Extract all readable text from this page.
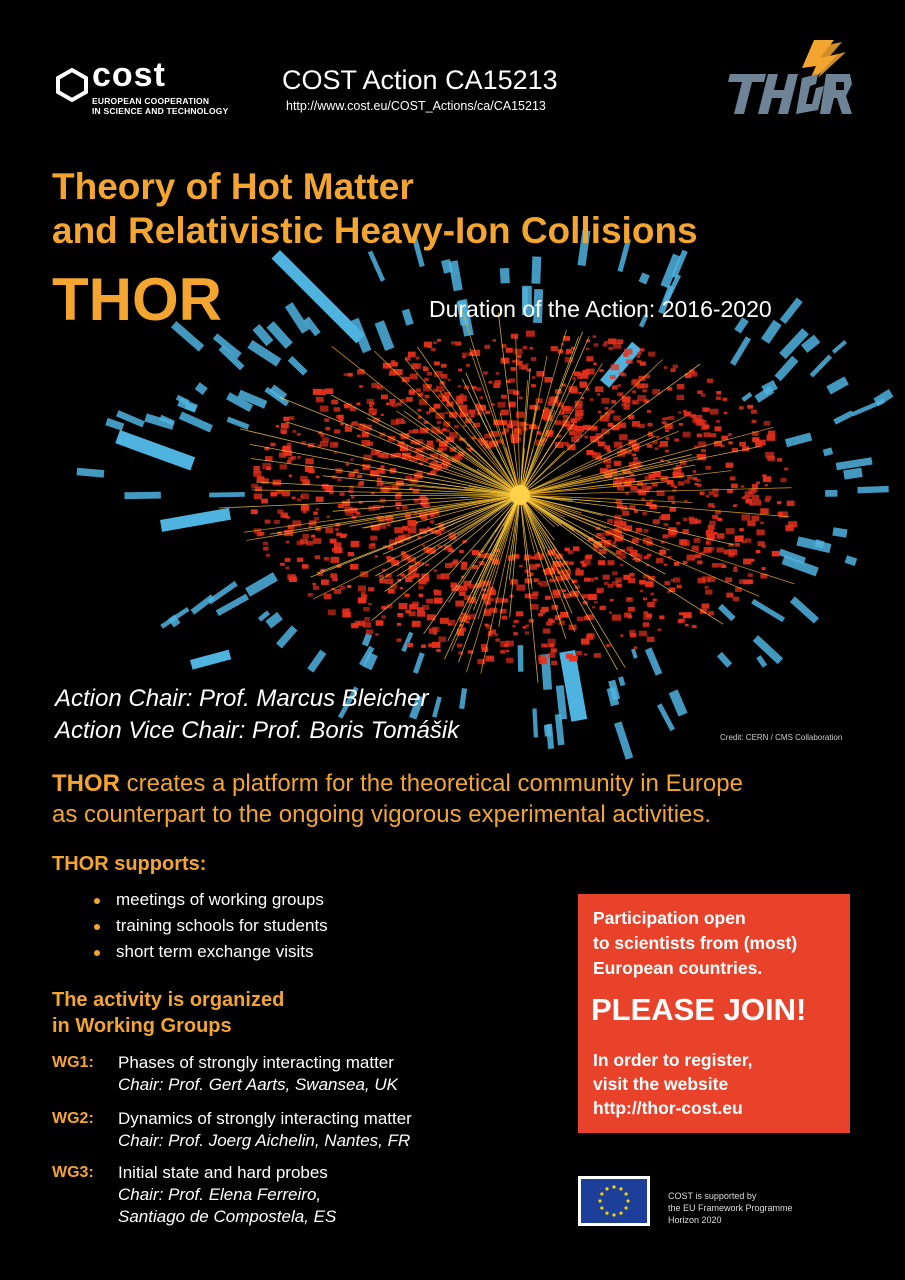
cost
EUROPEAN COOPERATION
IN SCIENCE AND TECHNOLOGY
COST Action CA15213
http://www.cost.eu/COST_Actions/ca/CA15213
Theory of Hot Matter
and Relativistic Heavy-Ion Collisions
THOR	Duration of the Action: 2016-2020
Action Chair: Prof. Marcus Bleicher
Action Vice Chair: Prof. Boris Tomášik	Credit: CERN / CMS Collaboration
THOR creates a platform for the theoretical community in Europe
as counterpart to the ongoing vigorous experimental activities.
THOR supports:
meetings of working groups
training schools for students
short term exchange visits
The activity is organized
in Working Groups
WG1: Phases of strongly interacting matter
Chair: Prof. Gert Aarts, Swansea, UK
WG2: Dynamics of strongly interacting matter
Chair: Prof. Joerg Aichelin, Nantes, FR
WG3: Initial state and hard probes
Chair: Prof. Elena Ferreiro,
Santiago de Compostela, ES
Participation open
to scientists from (most)
European countries.
PLEASE JOIN!
In order to register,
visit the website
http://thor-cost.eu
COST is supported by
the EU Framework Programme
Horizon 2020
